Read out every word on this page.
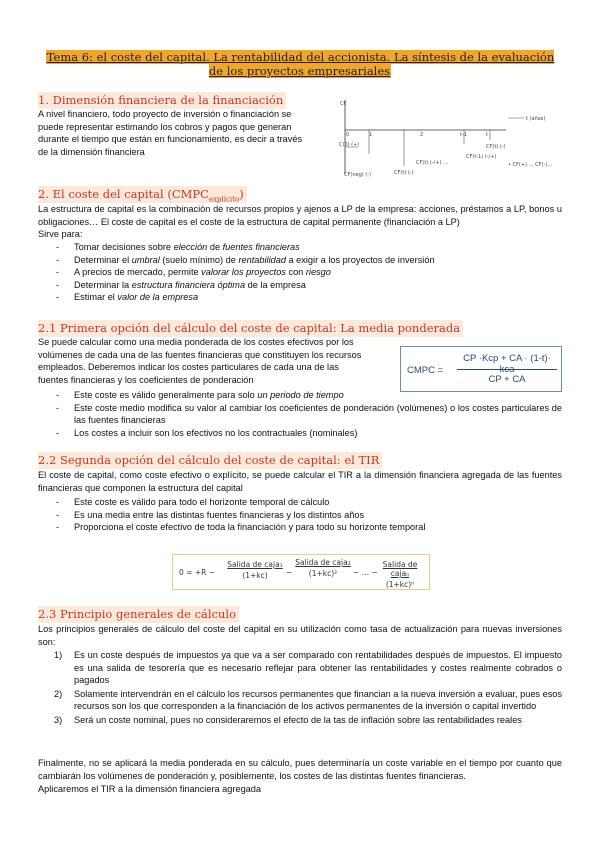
Tema 6: el coste del capital. La rentabilidad del accionista. La síntesis de la evaluación de los proyectos empresariales
1. Dimensión financiera de la financiación
A nivel financiero, todo proyecto de inversión o financiación se
puede representar estimando los cobros y pagos que generan
durante el tiempo que están en funcionamiento, es decir a través
de la dimensión financiera
C€
t (años)
0	1	2	t-1	t
C(0) (+)
CF(neg) (-)	CF(t) (-)
CF(t) (-/+) …
CF(t-1) (-/+)
CF(t) (-)
• CF(+)…, CF(-)…
2. El coste del capital $(CMPC_{explícito})$
La estructura de capital es la combinación de recursos propios y ajenos a LP de la empresa: acciones, préstamos a LP, bonos u obligaciones… El coste de capital es el coste de la estructura de capital permanente (financiación a LP)
Sirve para:
- Tomar decisiones sobre elección de fuentes financieras
- Determinar el umbral (suelo mínimo) de rentabilidad a exigir a los proyectos de inversión
- A precios de mercado, permite valorar los proyectos con riesgo
- Determinar la estructura financiera óptima de la empresa
- Estimar el valor de la empresa
2.1 Primera opción del cálculo del coste de capital: La media ponderada
Se puede calcular como una media ponderada de los costes efectivos por los
volúmenes de cada una de las fuentes financieras que constituyen los recursos
empleados. Deberemos indicar los costes particulares de cada una de las
fuentes financieras y los coeficientes de ponderación
CMPC =
CP ·Kcp + CA · (1-t)· kca
CP + CA
- Este coste es válido generalmente para solo un periodo de tiempo
- Este coste medio modifica su valor al cambiar los coeficientes de ponderación (volúmenes) o los costes particulares de las fuentes financieras
- Los costes a incluir son los efectivos no los contractuales (nominales)
2.2 Segunda opción del cálculo del coste de capital: el TIR
El coste de capital, como coste efectivo o explícito, se puede calcular el TIR a la dimensión financiera agregada de las fuentes financieras que componen la estructura del capital
- Este coste es válido para todo el horizonte temporal de cálculo
- Es una media entre las distintas fuentes financieras y los distintos años
- Proporciona el coste efectivo de toda la financiación y para todo su horizonte temporal
0 = +R −
Salida de caja₁
(1+kc)	−
Salida de caja₂
(1+kc)²	− … −
Salida de cajaₙ
(1+kc)ⁿ
2.3 Principio generales de cálculo
Los principios generales de cálculo del coste del capital en su utilización como tasa de actualización para nuevas inversiones son:
1) Es un coste después de impuestos ya que va a ser comparado con rentabilidades después de impuestos. El impuesto es una salida de tesorería que es necesario reflejar para obtener las rentabilidades y costes realmente cobrados o pagados
2) Solamente intervendrán en el cálculo los recursos permanentes que financian a la nueva inversión a evaluar, pues esos recursos son los que corresponden a la financiación de los activos permanentes de la inversión o capital invertido
3) Será un coste nominal, pues no consideraremos el efecto de la tas de inflación sobre las rentabilidades reales
Finalmente, no se aplicará la media ponderada en su cálculo, pues determinaría un coste variable en el tiempo por cuanto que cambiarán los volúmenes de ponderación y, posiblemente, los costes de las distintas fuentes financieras.
Aplicaremos el TIR a la dimensión financiera agregada
